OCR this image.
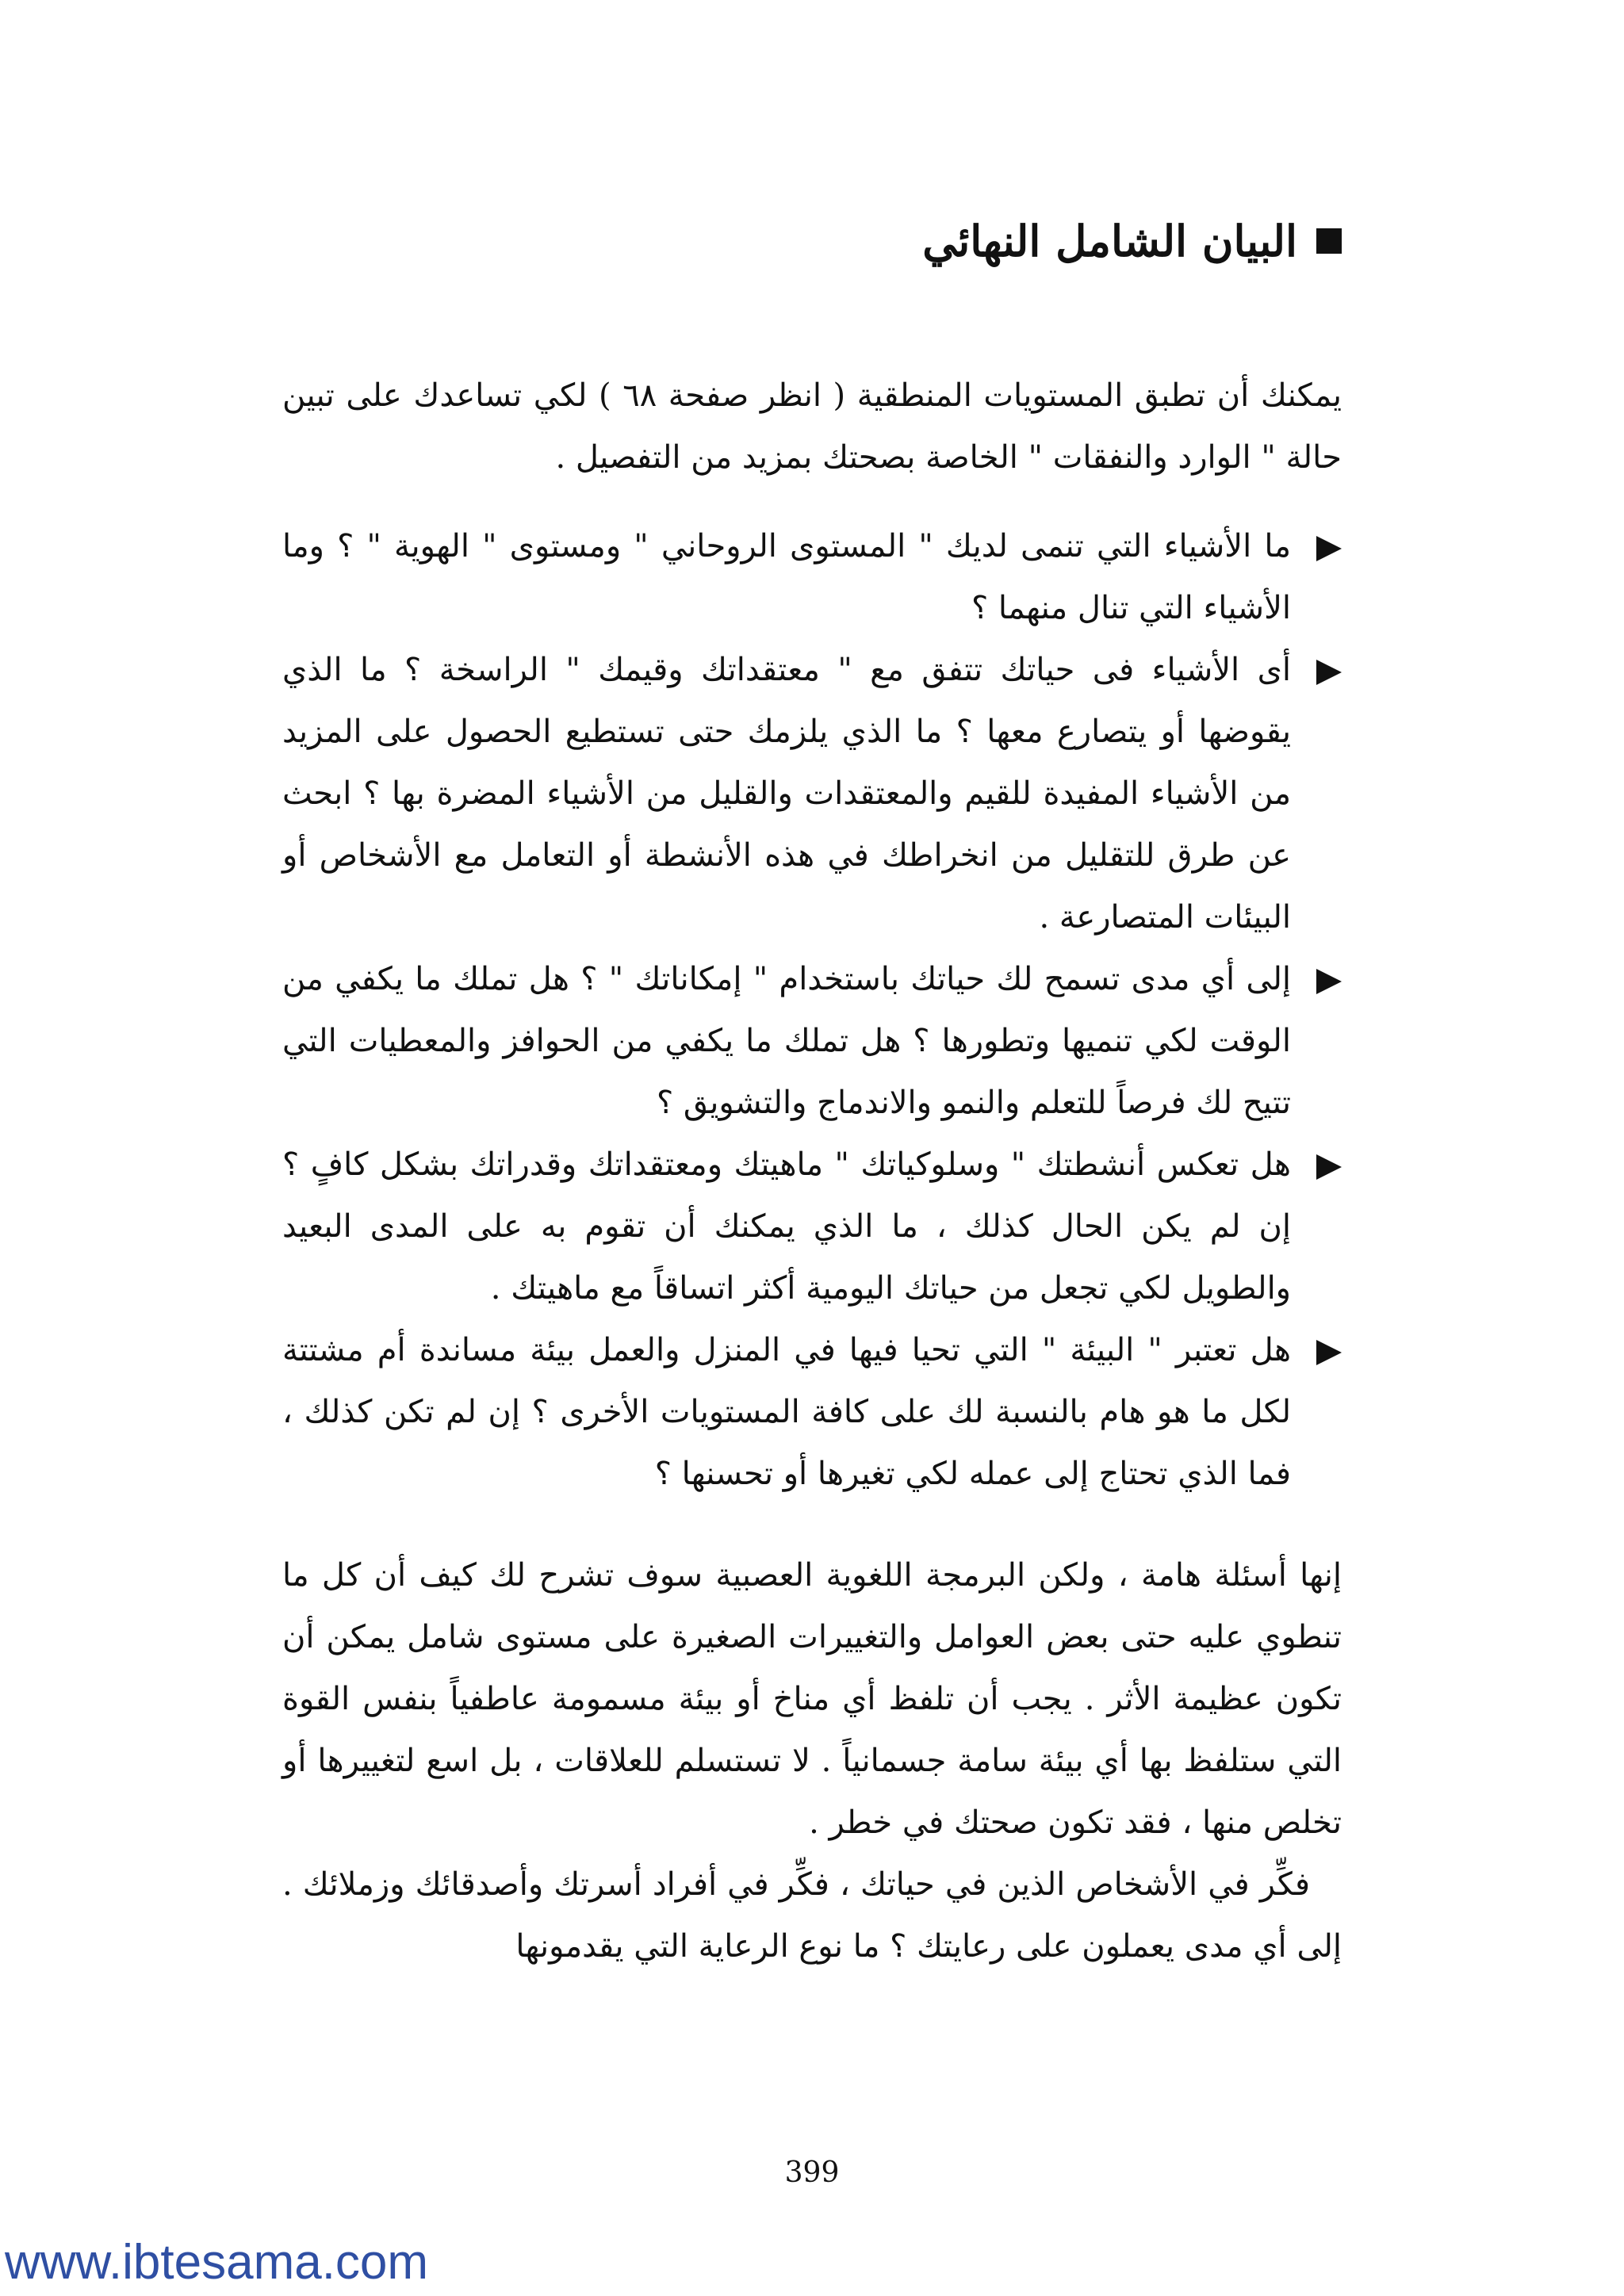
البيان الشامل النهائي

يمكنك أن تطبق المستويات المنطقية ( انظر صفحة ٦٨ ) لكي تساعدك على تبين حالة " الوارد والنفقات " الخاصة بصحتك بمزيد من التفصيل .

ما الأشياء التي تنمى لديك " المستوى الروحاني " ومستوى " الهوية " ؟ وما الأشياء التي تنال منهما ؟
أى الأشياء فى حياتك تتفق مع " معتقداتك وقيمك " الراسخة ؟ ما الذي يقوضها أو يتصارع معها ؟ ما الذي يلزمك حتى تستطيع الحصول على المزيد من الأشياء المفيدة للقيم والمعتقدات والقليل من الأشياء المضرة بها ؟ ابحث عن طرق للتقليل من انخراطك في هذه الأنشطة أو التعامل مع الأشخاص أو البيئات المتصارعة .
إلى أي مدى تسمح لك حياتك باستخدام " إمكاناتك " ؟ هل تملك ما يكفي من الوقت لكي تنميها وتطورها ؟ هل تملك ما يكفي من الحوافز والمعطيات التي تتيح لك فرصاً للتعلم والنمو والاندماج والتشويق ؟
هل تعكس أنشطتك " وسلوكياتك " ماهيتك ومعتقداتك وقدراتك بشكل كافٍ ؟ إن لم يكن الحال كذلك ، ما الذي يمكنك أن تقوم به على المدى البعيد والطويل لكي تجعل من حياتك اليومية أكثر اتساقاً مع ماهيتك .
هل تعتبر " البيئة " التي تحيا فيها في المنزل والعمل بيئة مساندة أم مشتتة لكل ما هو هام بالنسبة لك على كافة المستويات الأخرى ؟ إن لم تكن كذلك ، فما الذي تحتاج إلى عمله لكي تغيرها أو تحسنها ؟

إنها أسئلة هامة ، ولكن البرمجة اللغوية العصبية سوف تشرح لك كيف أن كل ما تنطوي عليه حتى بعض العوامل والتغييرات الصغيرة على مستوى شامل يمكن أن تكون عظيمة الأثر . يجب أن تلفظ أي مناخ أو بيئة مسمومة عاطفياً بنفس القوة التي ستلفظ بها أي بيئة سامة جسمانياً . لا تستسلم للعلاقات ، بل اسع لتغييرها أو تخلص منها ، فقد تكون صحتك في خطر .

فكِّر في الأشخاص الذين في حياتك ، فكِّر في أفراد أسرتك وأصدقائك وزملائك . إلى أي مدى يعملون على رعايتك ؟ ما نوع الرعاية التي يقدمونها

399
www.ibtesama.com
